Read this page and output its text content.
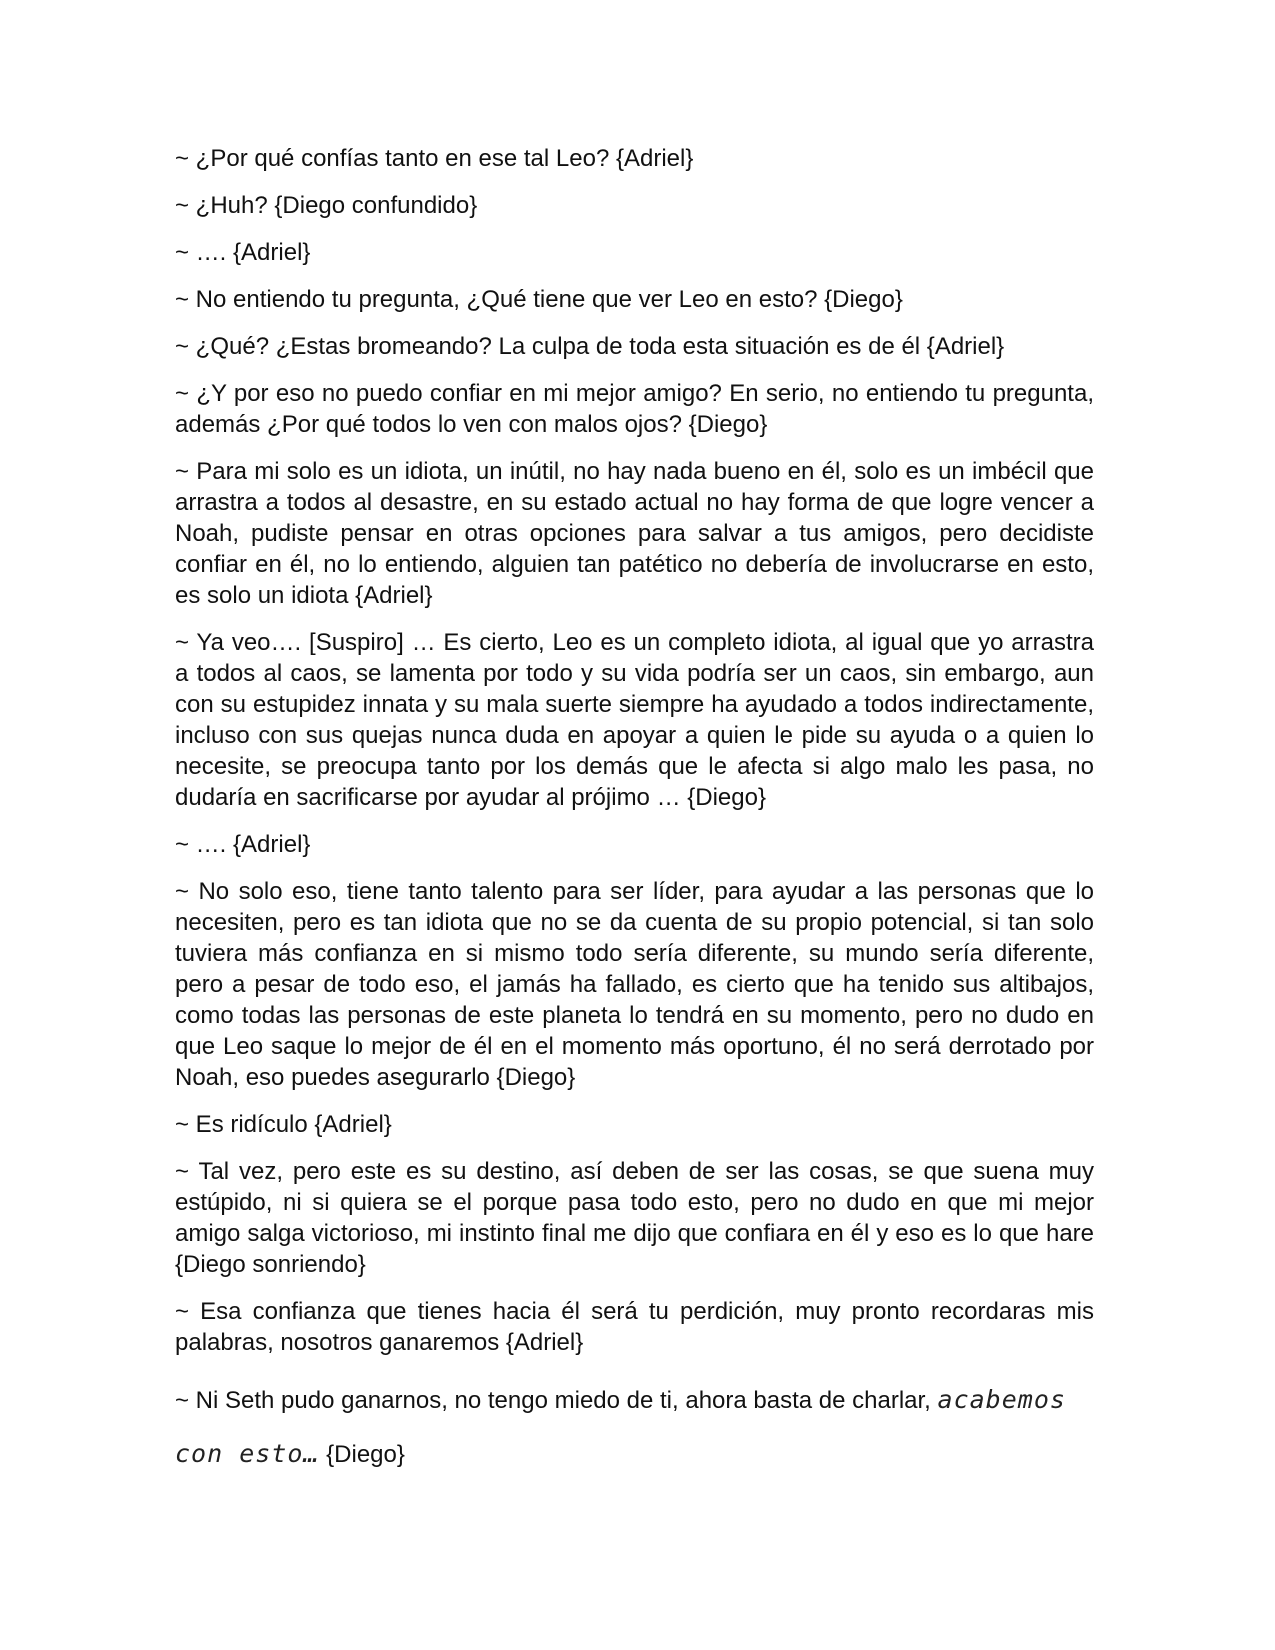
~ ¿Por qué confías tanto en ese tal Leo? {Adriel}

~ ¿Huh? {Diego confundido}

~ …. {Adriel}

~ No entiendo tu pregunta, ¿Qué tiene que ver Leo en esto? {Diego}

~ ¿Qué? ¿Estas bromeando? La culpa de toda esta situación es de él {Adriel}

~ ¿Y por eso no puedo confiar en mi mejor amigo? En serio, no entiendo tu pregunta, además ¿Por qué todos lo ven con malos ojos? {Diego}

~ Para mi solo es un idiota, un inútil, no hay nada bueno en él, solo es un imbécil que arrastra a todos al desastre, en su estado actual no hay forma de que logre vencer a Noah, pudiste pensar en otras opciones para salvar a tus amigos, pero decidiste confiar en él, no lo entiendo, alguien tan patético no debería de involucrarse en esto, es solo un idiota {Adriel}

~ Ya veo…. [Suspiro] … Es cierto, Leo es un completo idiota, al igual que yo arrastra a todos al caos, se lamenta por todo y su vida podría ser un caos, sin embargo, aun con su estupidez innata y su mala suerte siempre ha ayudado a todos indirectamente, incluso con sus quejas nunca duda en apoyar a quien le pide su ayuda o a quien lo necesite, se preocupa tanto por los demás que le afecta si algo malo les pasa, no dudaría en sacrificarse por ayudar al prójimo … {Diego}

~ …. {Adriel}

~ No solo eso, tiene tanto talento para ser líder, para ayudar a las personas que lo necesiten, pero es tan idiota que no se da cuenta de su propio potencial, si tan solo tuviera más confianza en si mismo todo sería diferente, su mundo sería diferente, pero a pesar de todo eso, el jamás ha fallado, es cierto que ha tenido sus altibajos, como todas las personas de este planeta lo tendrá en su momento, pero no dudo en que Leo saque lo mejor de él en el momento más oportuno, él no será derrotado por Noah, eso puedes asegurarlo {Diego}

~ Es ridículo {Adriel}

~ Tal vez, pero este es su destino, así deben de ser las cosas, se que suena muy estúpido, ni si quiera se el porque pasa todo esto, pero no dudo en que mi mejor amigo salga victorioso, mi instinto final me dijo que confiara en él y eso es lo que hare {Diego sonriendo}

~ Esa confianza que tienes hacia él será tu perdición, muy pronto recordaras mis palabras, nosotros ganaremos {Adriel}

~ Ni Seth pudo ganarnos, no tengo miedo de ti, ahora basta de charlar, acabemos

con esto… {Diego}
